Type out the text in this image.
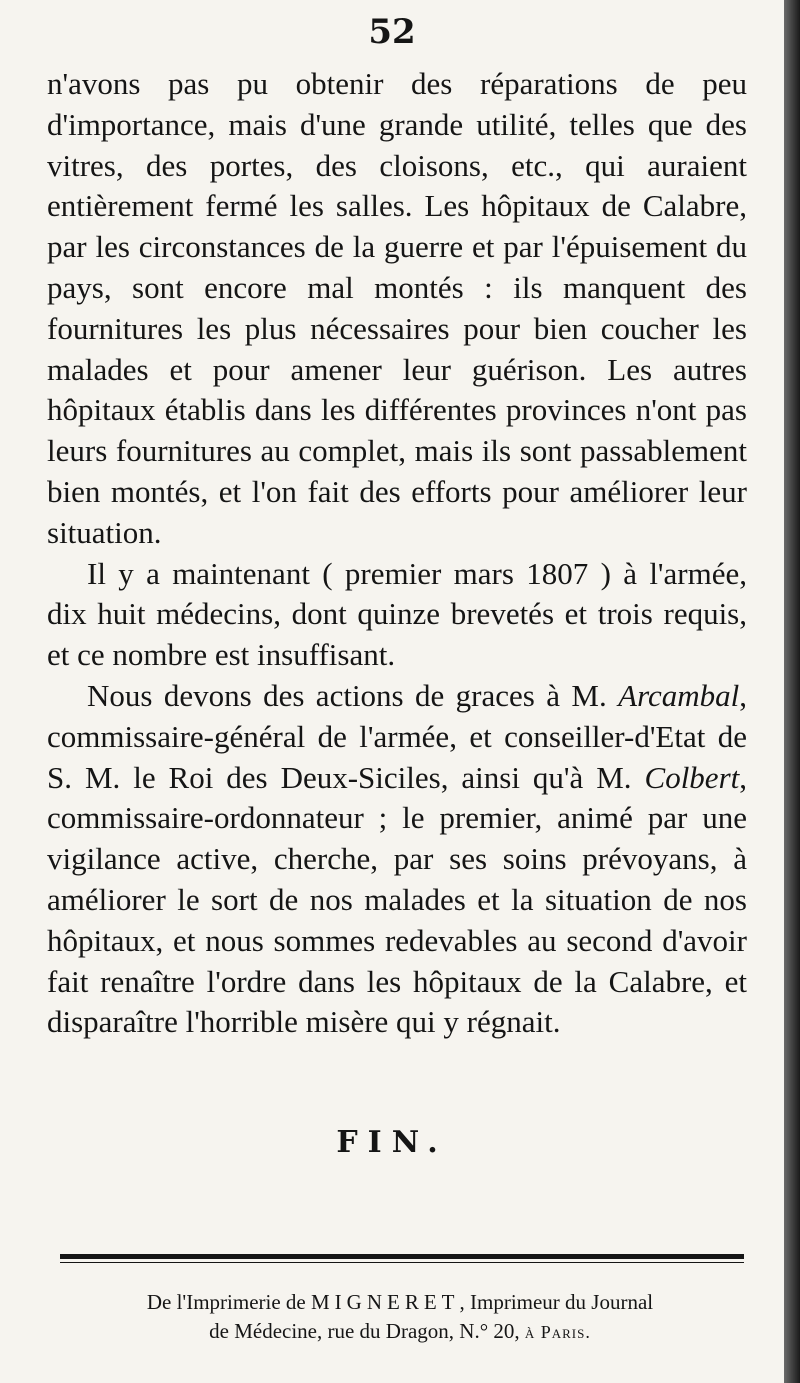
52

n'avons pas pu obtenir des réparations de peu d'importance, mais d'une grande utilité, telles que des vitres, des portes, des cloisons, etc., qui auraient entièrement fermé les salles. Les hôpitaux de Calabre, par les circonstances de la guerre et par l'épuisement du pays, sont encore mal montés : ils manquent des fournitures les plus nécessaires pour bien coucher les malades et pour amener leur guérison. Les autres hôpitaux établis dans les différentes provinces n'ont pas leurs fournitures au complet, mais ils sont passablement bien montés, et l'on fait des efforts pour améliorer leur situation.

Il y a maintenant ( premier mars 1807 ) à l'armée, dix huit médecins, dont quinze brevetés et trois requis, et ce nombre est insuffisant.

Nous devons des actions de graces à M. Arcambal, commissaire-général de l'armée, et conseiller-d'Etat de S. M. le Roi des Deux-Siciles, ainsi qu'à M. Colbert, commissaire-ordonnateur ; le premier, animé par une vigilance active, cherche, par ses soins prévoyans, à améliorer le sort de nos malades et la situation de nos hôpitaux, et nous sommes redevables au second d'avoir fait renaître l'ordre dans les hôpitaux de la Calabre, et disparaître l'horrible misère qui y régnait.

FIN.
De l'Imprimerie de MIGNERET, Imprimeur du Journal
de Médecine, rue du Dragon, N.° 20, à Paris.
